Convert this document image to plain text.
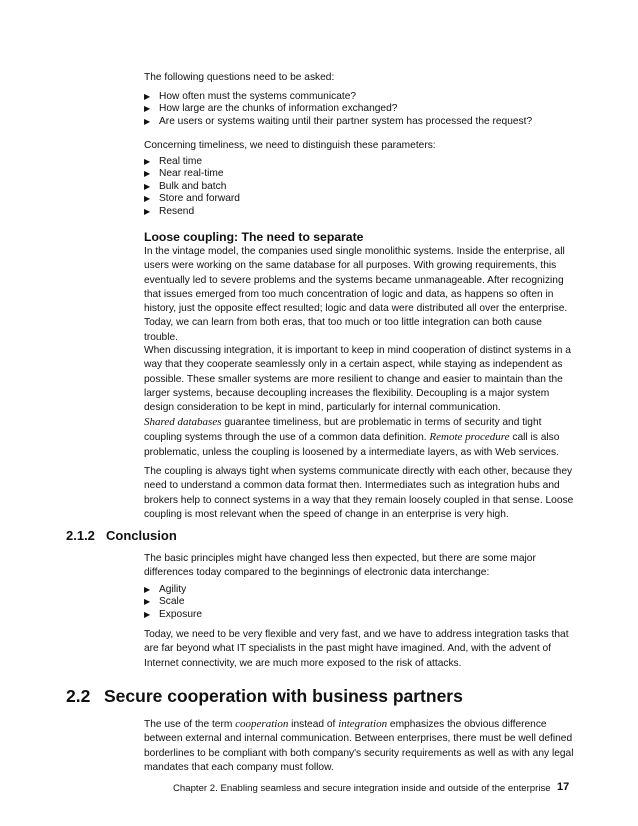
The following questions need to be asked:

▶ How often must the systems communicate?
▶ How large are the chunks of information exchanged?
▶ Are users or systems waiting until their partner system has processed the request?

Concerning timeliness, we need to distinguish these parameters:

▶ Real time
▶ Near real-time
▶ Bulk and batch
▶ Store and forward
▶ Resend
Loose coupling: The need to separate

In the vintage model, the companies used single monolithic systems. Inside the enterprise, all users were working on the same database for all purposes. With growing requirements, this eventually led to severe problems and the systems became unmanageable. After recognizing that issues emerged from too much concentration of logic and data, as happens so often in history, just the opposite effect resulted; logic and data were distributed all over the enterprise. Today, we can learn from both eras, that too much or too little integration can both cause trouble.

When discussing integration, it is important to keep in mind cooperation of distinct systems in a way that they cooperate seamlessly only in a certain aspect, while staying as independent as possible. These smaller systems are more resilient to change and easier to maintain than the larger systems, because decoupling increases the flexibility. Decoupling is a major system design consideration to be kept in mind, particularly for internal communication.

Shared databases guarantee timeliness, but are problematic in terms of security and tight coupling systems through the use of a common data definition. Remote procedure call is also problematic, unless the coupling is loosened by a intermediate layers, as with Web services.

The coupling is always tight when systems communicate directly with each other, because they need to understand a common data format then. Intermediates such as integration hubs and brokers help to connect systems in a way that they remain loosely coupled in that sense. Loose coupling is most relevant when the speed of change in an enterprise is very high.

2.1.2 Conclusion

The basic principles might have changed less then expected, but there are some major differences today compared to the beginnings of electronic data interchange:

▶ Agility
▶ Scale
▶ Exposure

Today, we need to be very flexible and very fast, and we have to address integration tasks that are far beyond what IT specialists in the past might have imagined. And, with the advent of Internet connectivity, we are much more exposed to the risk of attacks.

2.2 Secure cooperation with business partners

The use of the term cooperation instead of integration emphasizes the obvious difference between external and internal communication. Between enterprises, there must be well defined borderlines to be compliant with both company's security requirements as well as with any legal mandates that each company must follow.

Chapter 2. Enabling seamless and secure integration inside and outside of the enterprise 17
